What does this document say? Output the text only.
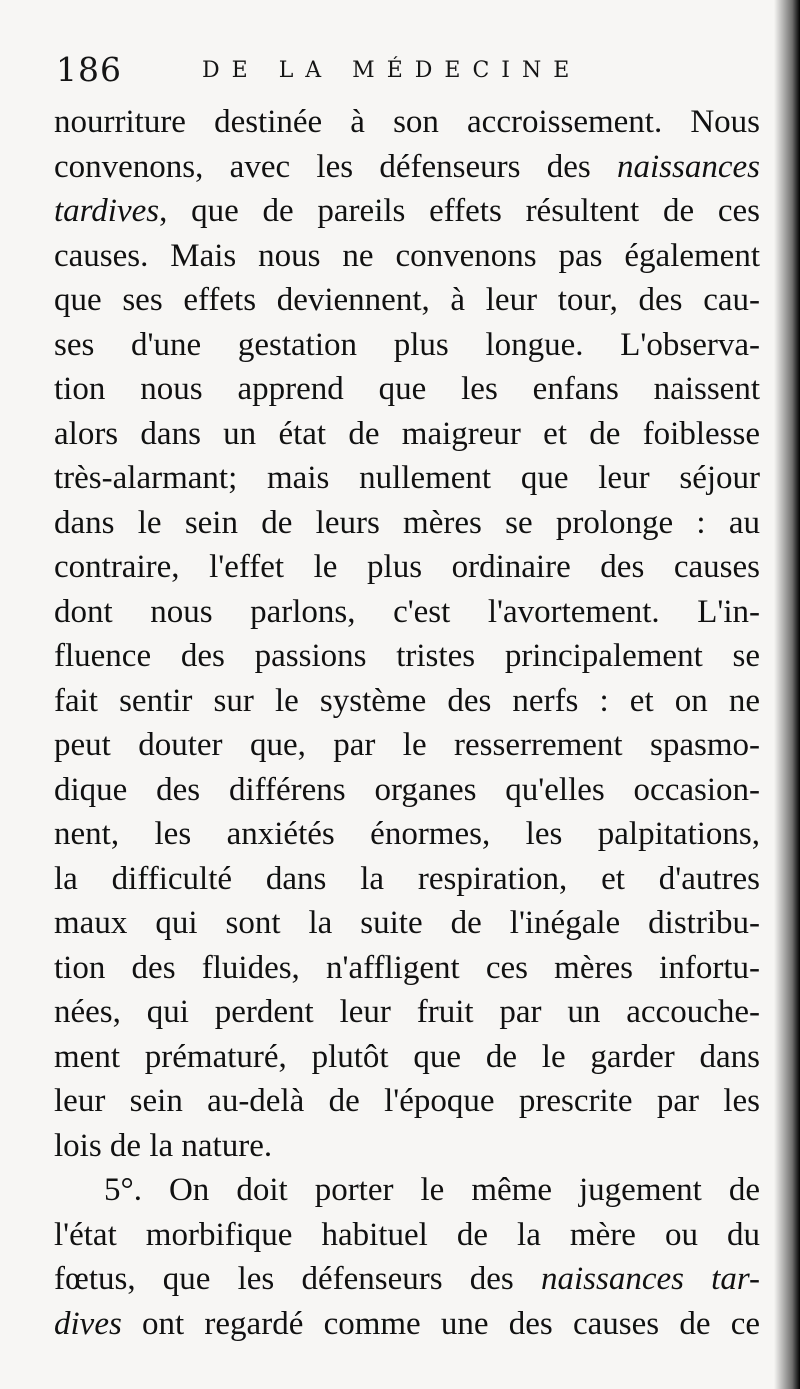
186	DE LA MÉDECINE
nourriture destinée à son accroissement. Nous
convenons, avec les défenseurs des naissances
tardives, que de pareils effets résultent de ces
causes. Mais nous ne convenons pas également
que ses effets deviennent, à leur tour, des cau-
ses d'une gestation plus longue. L'observa-
tion nous apprend que les enfans naissent
alors dans un état de maigreur et de foiblesse
très-alarmant; mais nullement que leur séjour
dans le sein de leurs mères se prolonge : au
contraire, l'effet le plus ordinaire des causes
dont nous parlons, c'est l'avortement. L'in-
fluence des passions tristes principalement se
fait sentir sur le système des nerfs : et on ne
peut douter que, par le resserrement spasmo-
dique des différens organes qu'elles occasion-
nent, les anxiétés énormes, les palpitations,
la difficulté dans la respiration, et d'autres
maux qui sont la suite de l'inégale distribu-
tion des fluides, n'affligent ces mères infortu-
nées, qui perdent leur fruit par un accouche-
ment prématuré, plutôt que de le garder dans
leur sein au-delà de l'époque prescrite par les
lois de la nature.
5°. On doit porter le même jugement de
l'état morbifique habituel de la mère ou du
fœtus, que les défenseurs des naissances tar-
dives ont regardé comme une des causes de ce
